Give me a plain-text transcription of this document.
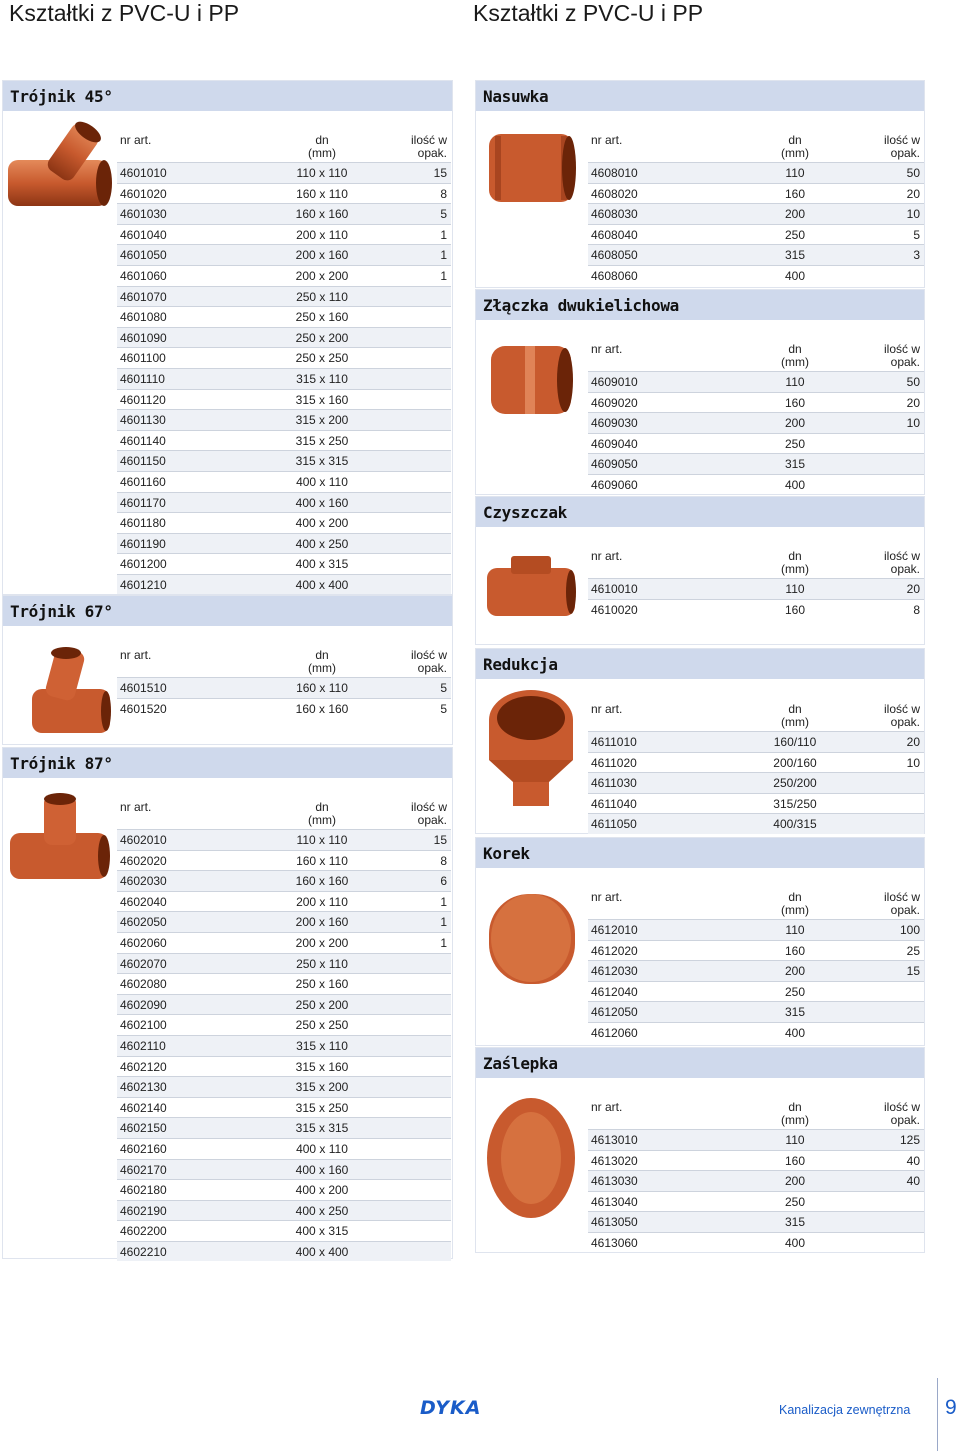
Kształtki z PVC-U i PP	Kształtki z PVC-U i PP
Trójnik 45°
Trójnik 67°
Trójnik 87°
Nasuwka
Złączka dwukielichowa
Czyszczak
Redukcja
Korek
Zaślepka
nr art.	dn
(mm)
ilość w
opak.
4601010	110 x 110	15
4601020	160 x 110	8
4601030	160 x 160	5
4601040	200 x 110	1
4601050	200 x 160	1
4601060	200 x 200	1
4601070	250 x 110
4601080	250 x 160
4601090	250 x 200
4601100	250 x 250
4601110	315 x 110
4601120	315 x 160
4601130	315 x 200
4601140	315 x 250
4601150	315 x 315
4601160	400 x 110
4601170	400 x 160
4601180	400 x 200
4601190	400 x 250
4601200	400 x 315
4601210	400 x 400
nr art.	dn
(mm)
ilość w
opak.
4601510	160 x 110	5
4601520	160 x 160	5
nr art.	dn
(mm)
ilość w
opak.
4602010	110 x 110	15
4602020	160 x 110	8
4602030	160 x 160	6
4602040	200 x 110	1
4602050	200 x 160	1
4602060	200 x 200	1
4602070	250 x 110
4602080	250 x 160
4602090	250 x 200
4602100	250 x 250
4602110	315 x 110
4602120	315 x 160
4602130	315 x 200
4602140	315 x 250
4602150	315 x 315
4602160	400 x 110
4602170	400 x 160
4602180	400 x 200
4602190	400 x 250
4602200	400 x 315
4602210	400 x 400
nr art.	dn
(mm)
ilość w
opak.
4608010	110	50
4608020	160	20
4608030	200	10
4608040	250	5
4608050	315	3
4608060	400
nr art.	dn
(mm)
ilość w
opak.
4609010	110	50
4609020	160	20
4609030	200	10
4609040	250
4609050	315
4609060	400
nr art.	dn
(mm)
ilość w
opak.
4610010	110	20
4610020	160	8
nr art.	dn
(mm)
ilość w
opak.
4611010	160/110	20
4611020	200/160	10
4611030	250/200
4611040	315/250
4611050	400/315
nr art.	dn
(mm)
ilość w
opak.
4612010	110	100
4612020	160	25
4612030	200	15
4612040	250
4612050	315
4612060	400
nr art.	dn
(mm)
ilość w
opak.
4613010	110	125
4613020	160	40
4613030	200	40
4613040	250
4613050	315
4613060	400
DYKA	Kanalizacja zewnętrzna 9
